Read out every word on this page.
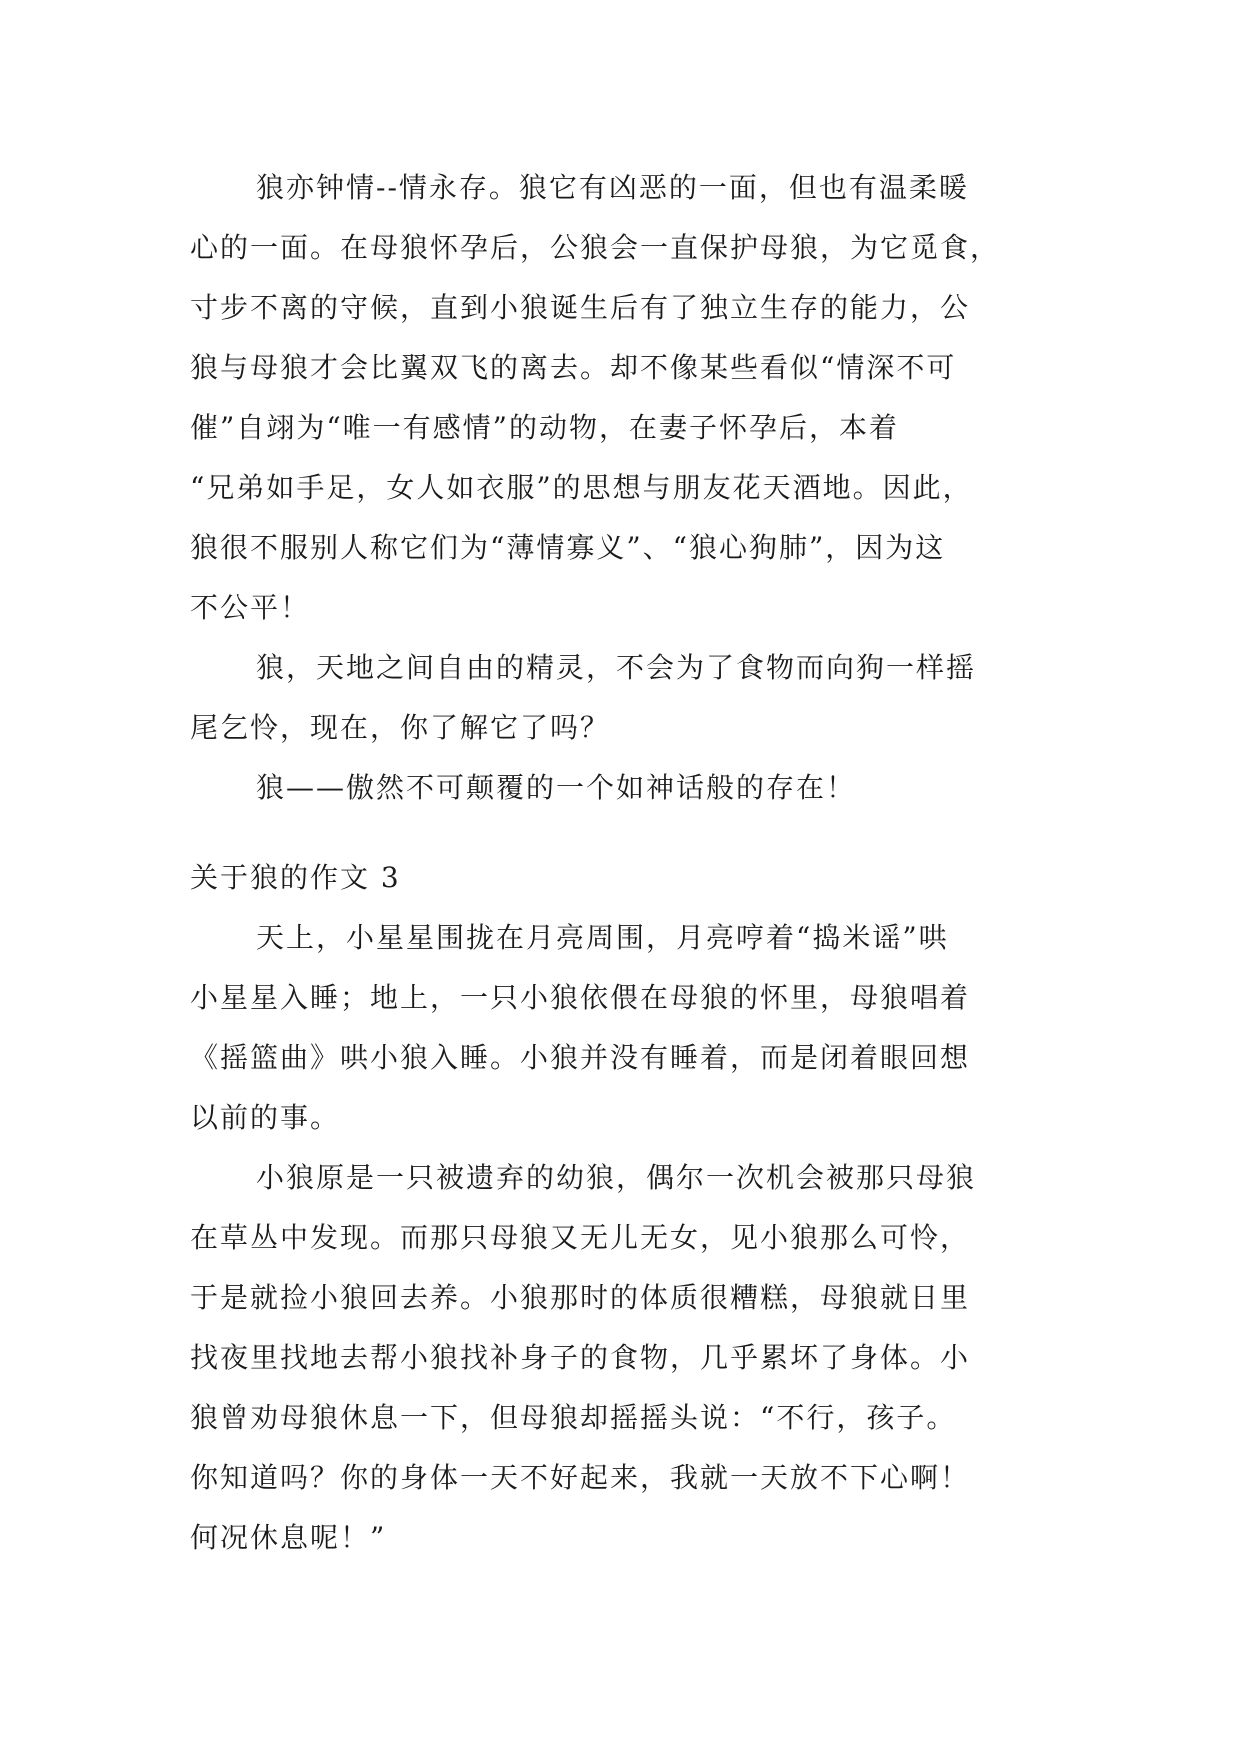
狼亦钟情--情永存。狼它有凶恶的一面，但也有温柔暖
心的一面。在母狼怀孕后，公狼会一直保护母狼，为它觅食，
寸步不离的守候，直到小狼诞生后有了独立生存的能力，公
狼与母狼才会比翼双飞的离去。却不像某些看似“情深不可
催”自翊为“唯一有感情”的动物，在妻子怀孕后，本着
“兄弟如手足，女人如衣服”的思想与朋友花天酒地。因此，
狼很不服别人称它们为“薄情寡义”、“狼心狗肺”，因为这
不公平！
狼，天地之间自由的精灵，不会为了食物而向狗一样摇
尾乞怜，现在，你了解它了吗？
狼——傲然不可颠覆的一个如神话般的存在！
关于狼的作文 3
天上，小星星围拢在月亮周围，月亮哼着“捣米谣”哄
小星星入睡；地上，一只小狼依偎在母狼的怀里，母狼唱着
《摇篮曲》哄小狼入睡。小狼并没有睡着，而是闭着眼回想
以前的事。
小狼原是一只被遗弃的幼狼，偶尔一次机会被那只母狼
在草丛中发现。而那只母狼又无儿无女，见小狼那么可怜，
于是就捡小狼回去养。小狼那时的体质很糟糕，母狼就日里
找夜里找地去帮小狼找补身子的食物，几乎累坏了身体。小
狼曾劝母狼休息一下，但母狼却摇摇头说：“不行，孩子。
你知道吗？你的身体一天不好起来，我就一天放不下心啊！
何况休息呢！”
